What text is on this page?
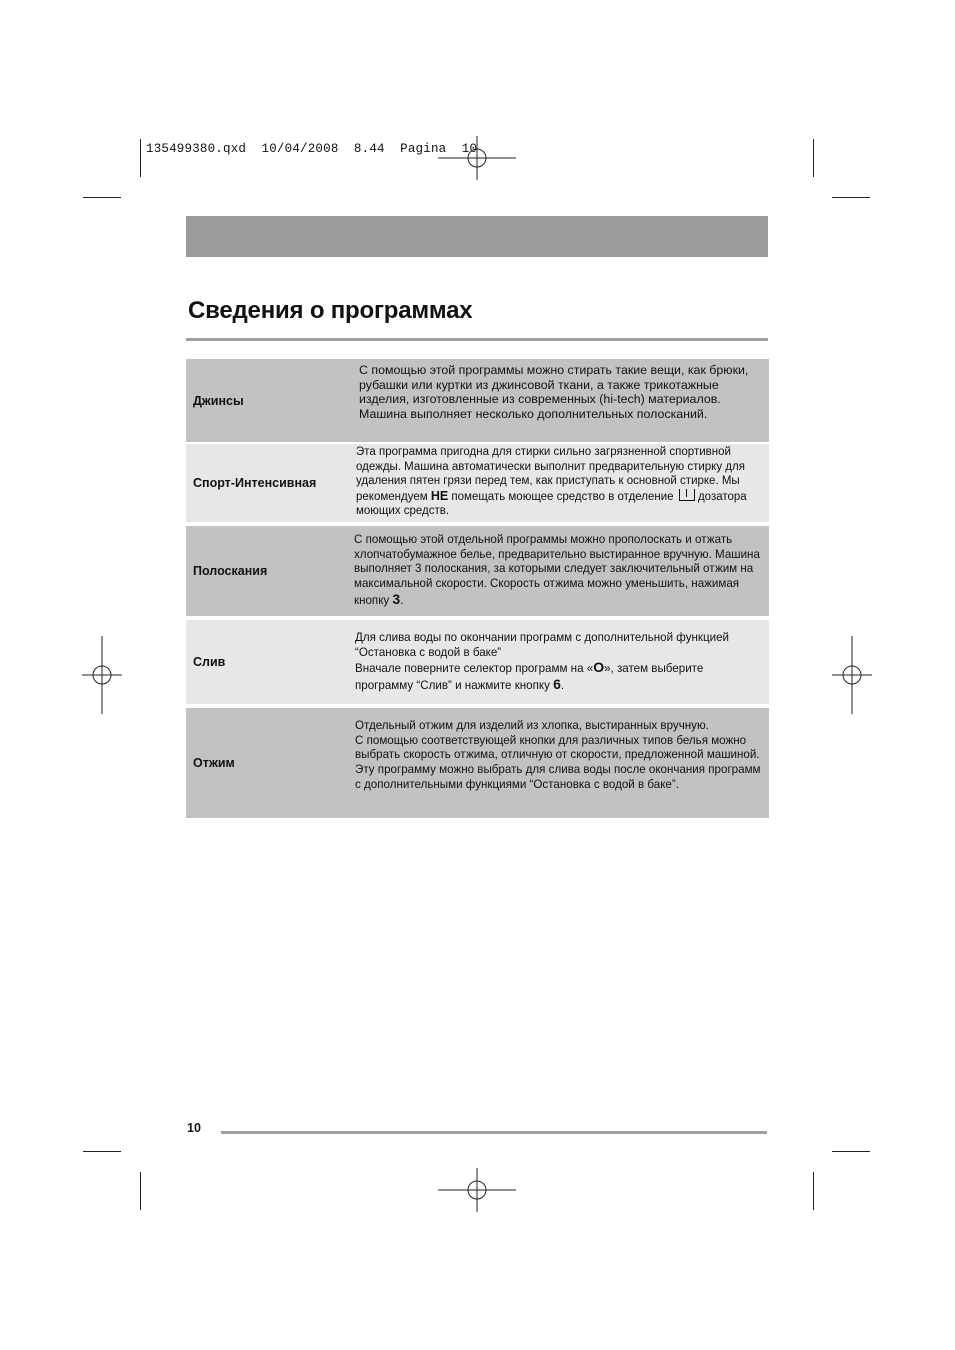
135499380.qxd  10/04/2008  8.44  Pagina  10
Сведения о программах
Джинсы
С помощью этой программы можно стирать такие вещи, как брюки, рубашки или куртки из джинсовой ткани, а также трикотажные изделия, изготовленные из современных (hi-tech) материалов. Машина выполняет несколько дополнительных полосканий.
Спорт-Интенсивная
Эта программа пригодна для стирки сильно загрязненной спортивной одежды. Машина автоматически выполнит предварительную стирку для удаления пятен грязи перед тем, как приступать к основной стирке. Мы рекомендуем НЕ помещать моющее средство в отделение  дозатора моющих средств.
Полоскания
С помощью этой отдельной программы можно прополоскать и отжать хлопчатобумажное белье, предварительно выстиранное вручную. Машина выполняет 3 полоскания, за которыми следует заключительный отжим на максимальной скорости. Скорость отжима можно уменьшить, нажимая кнопку 3.
Слив
Для слива воды по окончании программ с дополнительной функцией “Остановка с водой в баке”
Вначале поверните селектор программ на «O», затем выберите программу “Слив” и нажмите кнопку 6.
Отжим
Отдельный отжим для изделий из хлопка, выстиранных вручную.
С помощью соответствующей кнопки для различных типов белья можно выбрать скорость отжима, отличную от скорости, предложенной машиной. Эту программу можно выбрать для слива воды после окончания программ с дополнительными функциями “Остановка с водой в баке”.
10
